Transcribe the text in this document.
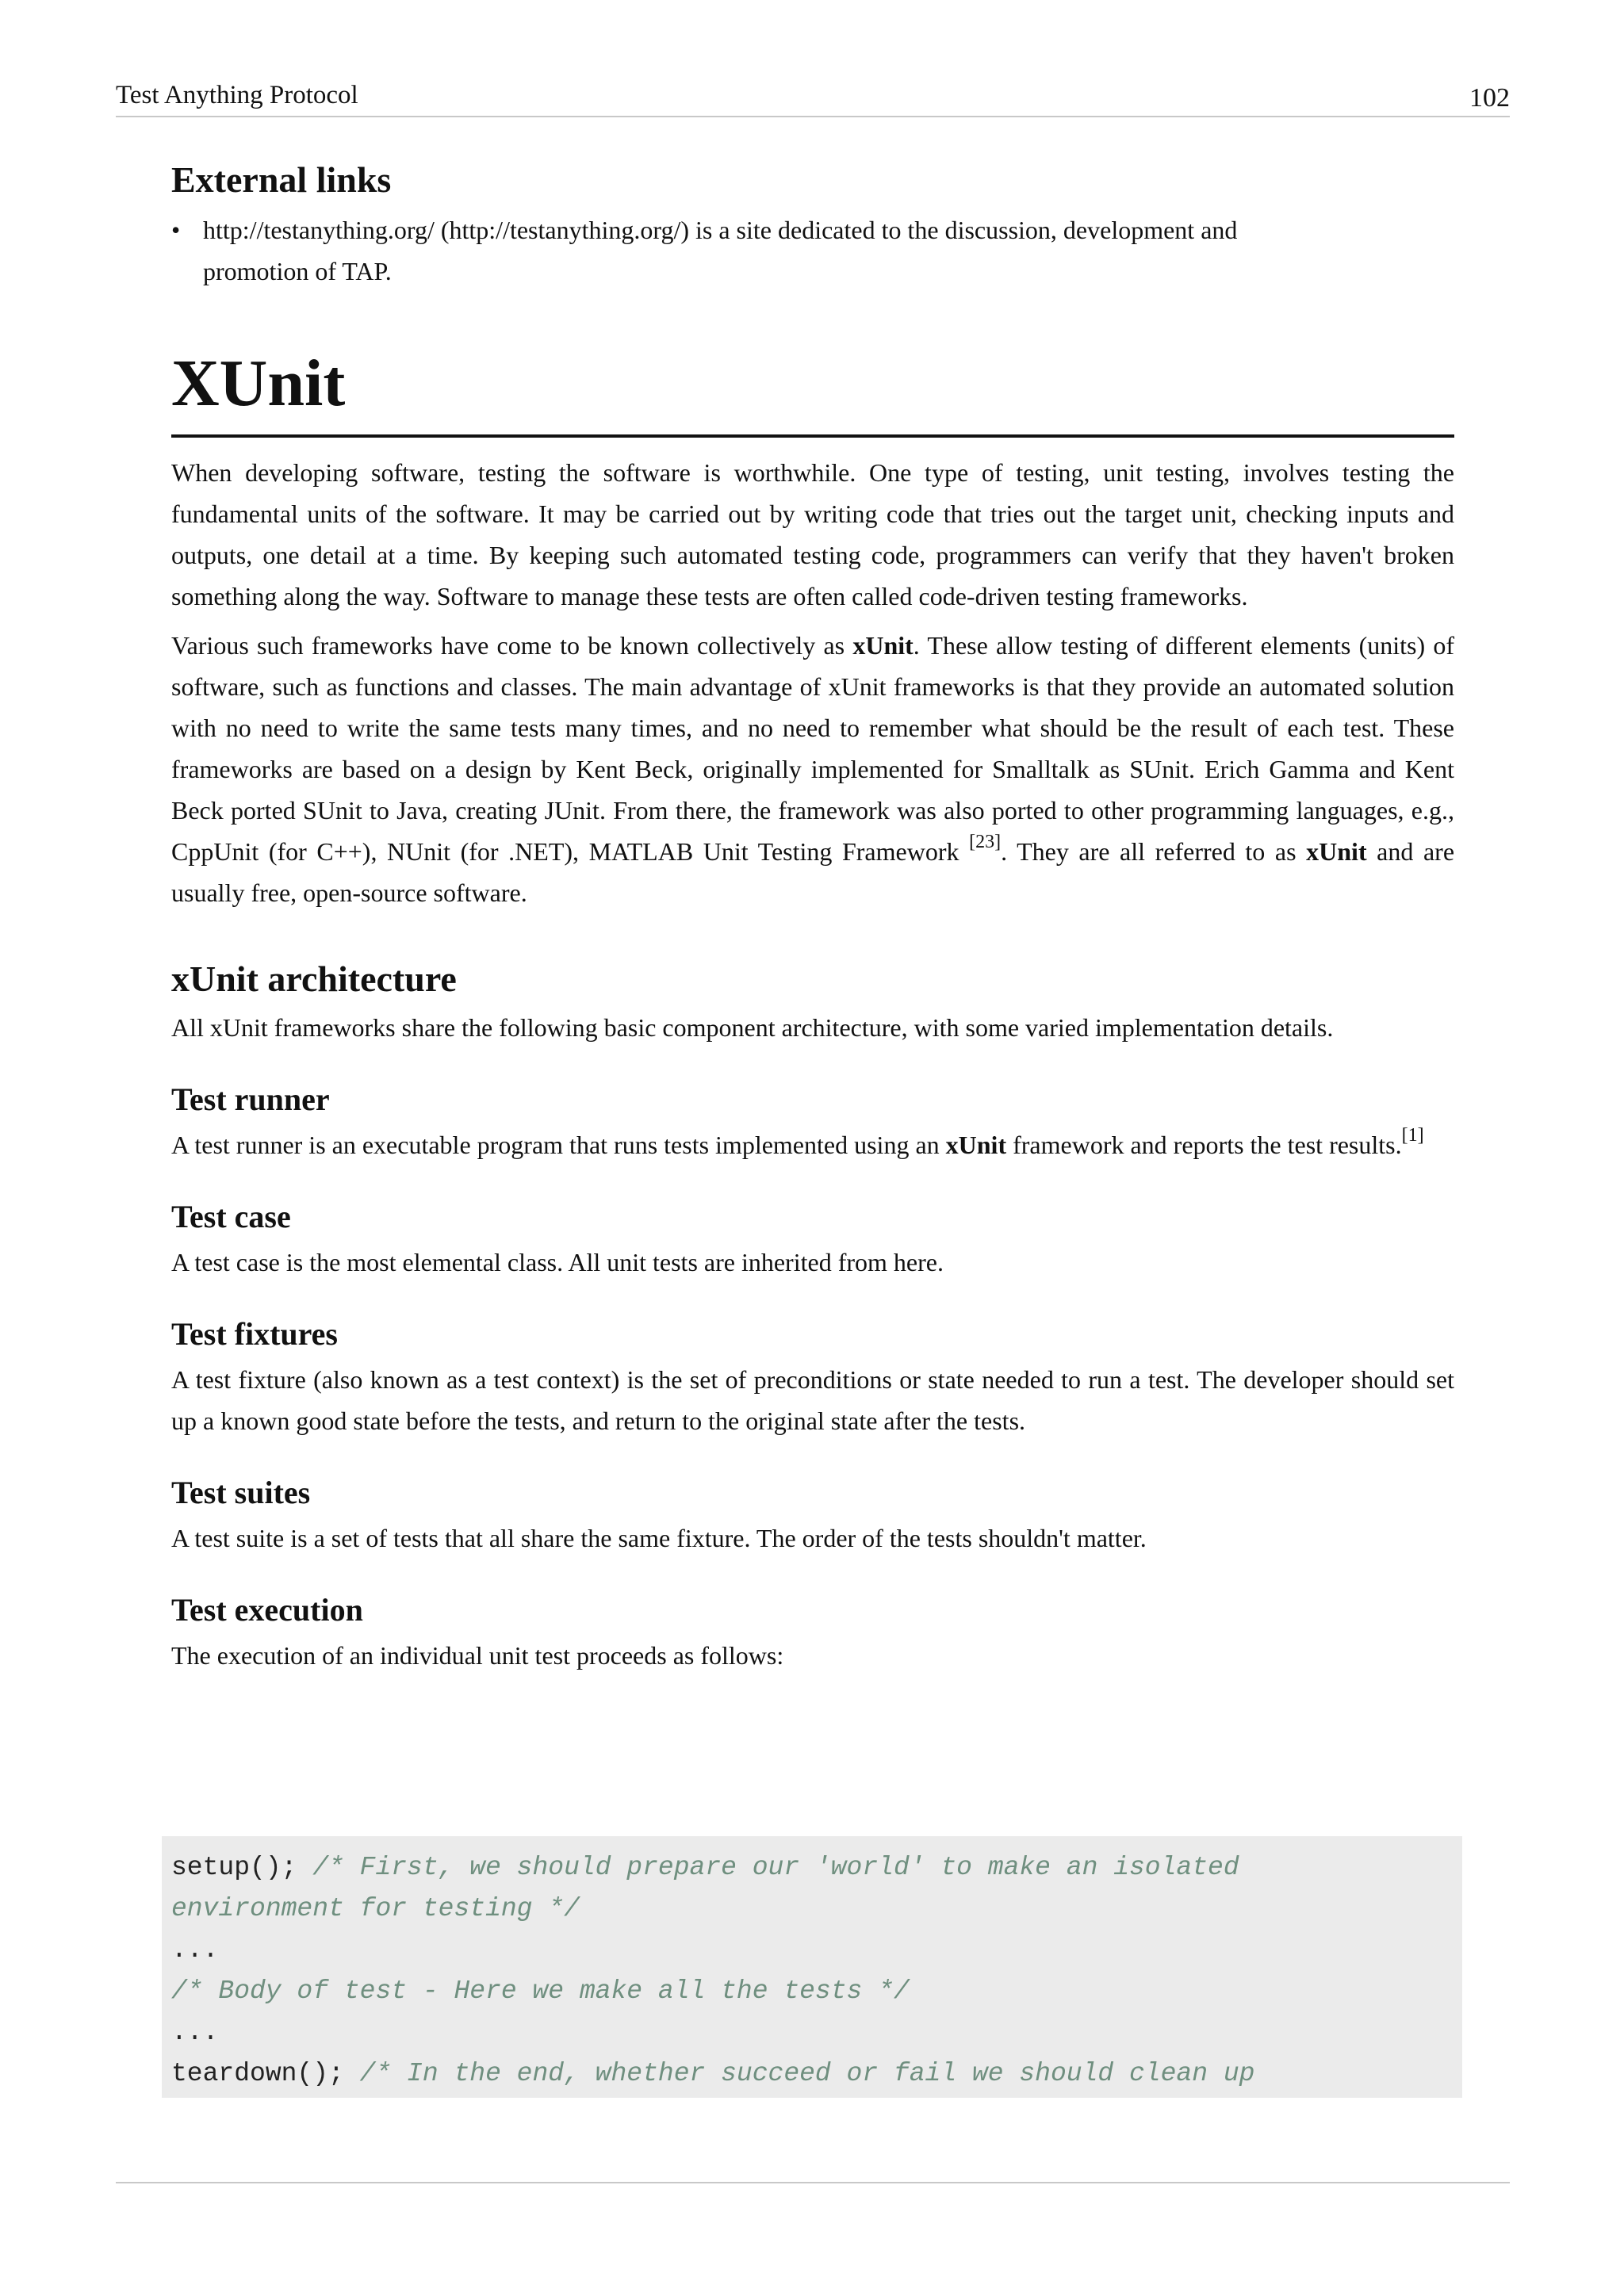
Test Anything Protocol	102
External links
• http://testanything.org/ (http://testanything.org/) is a site dedicated to the discussion, development and
promotion of TAP.
XUnit

When developing software, testing the software is worthwhile. One type of testing, unit testing, involves testing the fundamental units of the software. It may be carried out by writing code that tries out the target unit, checking inputs and outputs, one detail at a time. By keeping such automated testing code, programmers can verify that they haven't broken something along the way. Software to manage these tests are often called code-driven testing frameworks.

Various such frameworks have come to be known collectively as xUnit. These allow testing of different elements (units) of software, such as functions and classes. The main advantage of xUnit frameworks is that they provide an automated solution with no need to write the same tests many times, and no need to remember what should be the result of each test. These frameworks are based on a design by Kent Beck, originally implemented for Smalltalk as SUnit. Erich Gamma and Kent Beck ported SUnit to Java, creating JUnit. From there, the framework was also ported to other programming languages, e.g., CppUnit (for C++), NUnit (for .NET), MATLAB Unit Testing Framework [23]. They are all referred to as xUnit and are usually free, open-source software.

xUnit architecture

All xUnit frameworks share the following basic component architecture, with some varied implementation details.

Test runner

A test runner is an executable program that runs tests implemented using an xUnit framework and reports the test results.[1]

Test case

A test case is the most elemental class. All unit tests are inherited from here.

Test fixtures

A test fixture (also known as a test context) is the set of preconditions or state needed to run a test. The developer should set up a known good state before the tests, and return to the original state after the tests.

Test suites

A test suite is a set of tests that all share the same fixture. The order of the tests shouldn't matter.

Test execution

The execution of an individual unit test proceeds as follows:

setup(); /* First, we should prepare our 'world' to make an isolated
environment for testing */
...
/* Body of test - Here we make all the tests */
...
teardown(); /* In the end, whether succeed or fail we should clean up
